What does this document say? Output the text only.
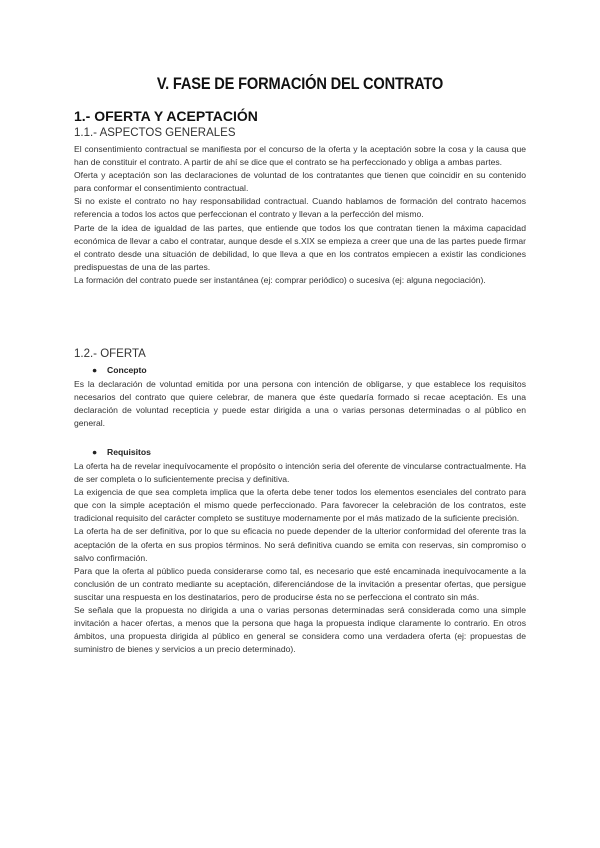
V. FASE DE FORMACIÓN DEL CONTRATO
1.- OFERTA Y ACEPTACIÓN
1.1.- ASPECTOS GENERALES

El consentimiento contractual se manifiesta por el concurso de la oferta y la aceptación sobre la cosa y la causa que han de constituir el contrato. A partir de ahí se dice que el contrato se ha perfeccionado y obliga a ambas partes.

Oferta y aceptación son las declaraciones de voluntad de los contratantes que tienen que coincidir en su contenido para conformar el consentimiento contractual.

Si no existe el contrato no hay responsabilidad contractual. Cuando hablamos de formación del contrato hacemos referencia a todos los actos que perfeccionan el contrato y llevan a la perfección del mismo.

Parte de la idea de igualdad de las partes, que entiende que todos los que contratan tienen la máxima capacidad económica de llevar a cabo el contratar, aunque desde el s.XIX se empieza a creer que una de las partes puede firmar el contrato desde una situación de debilidad, lo que lleva a que en los contratos empiecen a existir las condiciones predispuestas de una de las partes.

La formación del contrato puede ser instantánea (ej: comprar periódico) o sucesiva (ej: alguna negociación).

1.2.- OFERTA
● Concepto

Es la declaración de voluntad emitida por una persona con intención de obligarse, y que establece los requisitos necesarios del contrato que quiere celebrar, de manera que éste quedaría formado si recae aceptación. Es una declaración de voluntad recepticia y puede estar dirigida a una o varias personas determinadas o al público en general.

● Requisitos

La oferta ha de revelar inequívocamente el propósito o intención seria del oferente de vincularse contractualmente. Ha de ser completa o lo suficientemente precisa y definitiva.

La exigencia de que sea completa implica que la oferta debe tener todos los elementos esenciales del contrato para que con la simple aceptación el mismo quede perfeccionado. Para favorecer la celebración de los contratos, este tradicional requisito del carácter completo se sustituye modernamente por el más matizado de la suficiente precisión.

La oferta ha de ser definitiva, por lo que su eficacia no puede depender de la ulterior conformidad del oferente tras la aceptación de la oferta en sus propios términos. No será definitiva cuando se emita con reservas, sin compromiso o salvo confirmación.

Para que la oferta al público pueda considerarse como tal, es necesario que esté encaminada inequívocamente a la conclusión de un contrato mediante su aceptación, diferenciándose de la invitación a presentar ofertas, que persigue suscitar una respuesta en los destinatarios, pero de producirse ésta no se perfecciona el contrato sin más.

Se señala que la propuesta no dirigida a una o varias personas determinadas será considerada como una simple invitación a hacer ofertas, a menos que la persona que haga la propuesta indique claramente lo contrario. En otros ámbitos, una propuesta dirigida al público en general se considera como una verdadera oferta (ej: propuestas de suministro de bienes y servicios a un precio determinado).
